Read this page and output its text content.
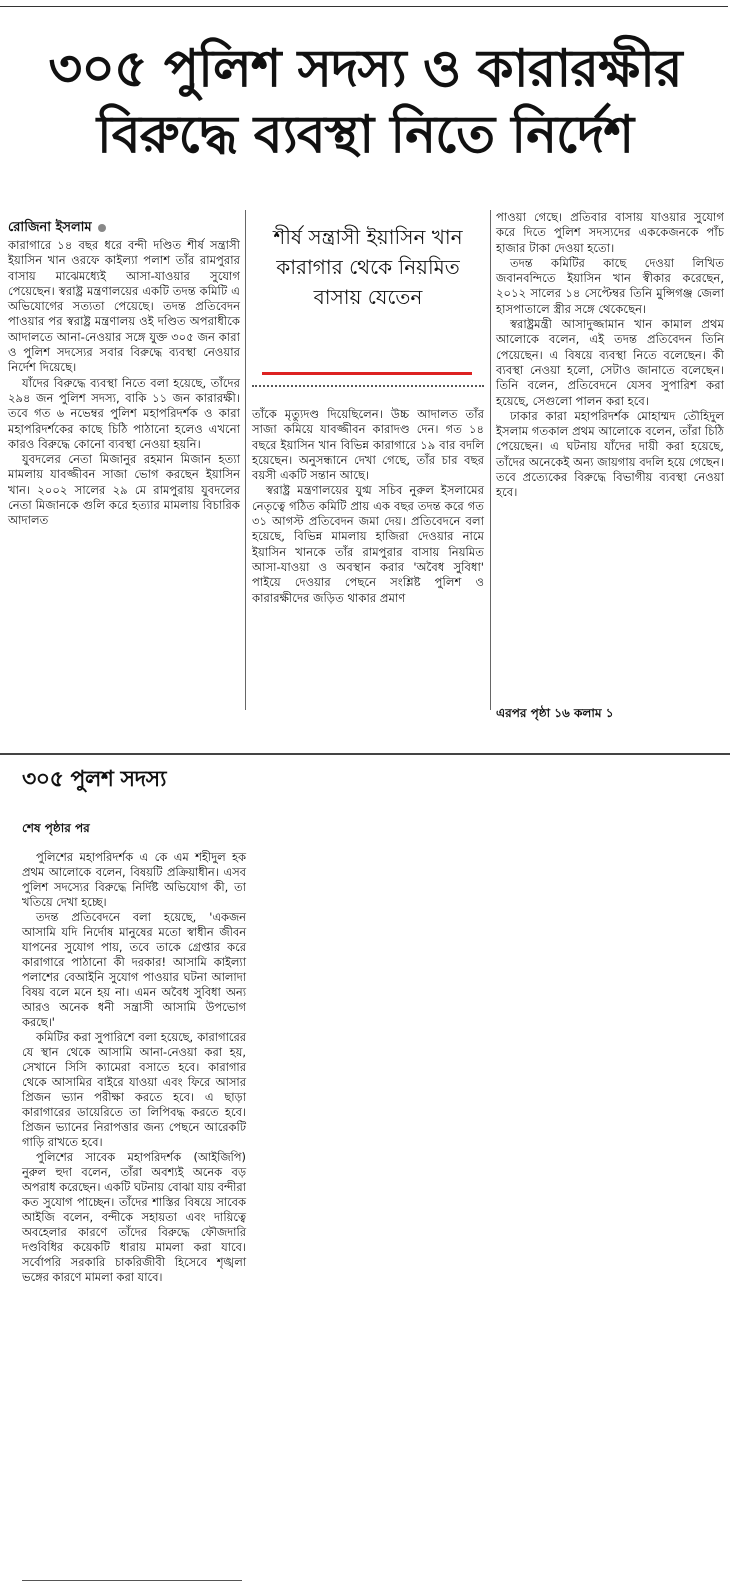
৩০৫ পুলিশ সদস্য ও কারারক্ষীর
বিরুদ্ধে ব্যবস্থা নিতে নির্দেশ
রোজিনা ইসলাম

কারাগারে ১৪ বছর ধরে বন্দী দণ্ডিত শীর্ষ সন্ত্রাসী ইয়াসিন খান ওরফে কাইল্যা পলাশ তাঁর রামপুরার বাসায় মাঝেমধ্যেই আসা-যাওয়ার সুযোগ পেয়েছেন। স্বরাষ্ট্র মন্ত্রণালয়ের একটি তদন্ত কমিটি এ অভিযোগের সত্যতা পেয়েছে। তদন্ত প্রতিবেদন পাওয়ার পর স্বরাষ্ট্র মন্ত্রণালয় ওই দণ্ডিত অপরাধীকে আদালতে আনা-নেওয়ার সঙ্গে যুক্ত ৩০৫ জন কারা ও পুলিশ সদস্যের সবার বিরুদ্ধে ব্যবস্থা নেওয়ার নির্দেশ দিয়েছে।

যাঁদের বিরুদ্ধে ব্যবস্থা নিতে বলা হয়েছে, তাঁদের ২৯৪ জন পুলিশ সদস্য, বাকি ১১ জন কারারক্ষী। তবে গত ৬ নভেম্বর পুলিশ মহাপরিদর্শক ও কারা মহাপরিদর্শকের কাছে চিঠি পাঠানো হলেও এখনো কারও বিরুদ্ধে কোনো ব্যবস্থা নেওয়া হয়নি।

যুবদলের নেতা মিজানুর রহমান মিজান হত্যা মামলায় যাবজ্জীবন সাজা ভোগ করছেন ইয়াসিন খান। ২০০২ সালের ২৯ মে রামপুরায় যুবদলের নেতা মিজানকে গুলি করে হত্যার মামলায় বিচারিক আদালত

শীর্ষ সন্ত্রাসী ইয়াসিন খান কারাগার থেকে নিয়মিত বাসায় যেতেন

তাঁকে মৃত্যুদণ্ড দিয়েছিলেন। উচ্চ আদালত তাঁর সাজা কমিয়ে যাবজ্জীবন কারাদণ্ড দেন। গত ১৪ বছরে ইয়াসিন খান বিভিন্ন কারাগারে ১৯ বার বদলি হয়েছেন। অনুসন্ধানে দেখা গেছে, তাঁর চার বছর বয়সী একটি সন্তান আছে।

স্বরাষ্ট্র মন্ত্রণালয়ের যুগ্ম সচিব নুরুল ইসলামের নেতৃত্বে গঠিত কমিটি প্রায় এক বছর তদন্ত করে গত ৩১ আগস্ট প্রতিবেদন জমা দেয়। প্রতিবেদনে বলা হয়েছে, বিভিন্ন মামলায় হাজিরা দেওয়ার নামে ইয়াসিন খানকে তাঁর রামপুরার বাসায় নিয়মিত আসা-যাওয়া ও অবস্থান করার 'অবৈধ সুবিধা' পাইয়ে দেওয়ার পেছনে সংশ্লিষ্ট পুলিশ ও কারারক্ষীদের জড়িত থাকার প্রমাণ

পাওয়া গেছে। প্রতিবার বাসায় যাওয়ার সুযোগ করে দিতে পুলিশ সদস্যদের এককেজনকে পাঁচ হাজার টাকা দেওয়া হতো।

তদন্ত কমিটির কাছে দেওয়া লিখিত জবানবন্দিতে ইয়াসিন খান স্বীকার করেছেন, ২০১২ সালের ১৪ সেপ্টেম্বর তিনি মুন্সিগঞ্জ জেলা হাসপাতালে স্ত্রীর সঙ্গে থেকেছেন।

স্বরাষ্ট্রমন্ত্রী আসাদুজ্জামান খান কামাল প্রথম আলোকে বলেন, এই তদন্ত প্রতিবেদন তিনি পেয়েছেন। এ বিষয়ে ব্যবস্থা নিতে বলেছেন। কী ব্যবস্থা নেওয়া হলো, সেটাও জানাতে বলেছেন। তিনি বলেন, প্রতিবেদনে যেসব সুপারিশ করা হয়েছে, সেগুলো পালন করা হবে।

ঢাকার কারা মহাপরিদর্শক মোহাম্মদ তৌহিদুল ইসলাম গতকাল প্রথম আলোকে বলেন, তাঁরা চিঠি পেয়েছেন। এ ঘটনায় যাঁদের দায়ী করা হয়েছে, তাঁদের অনেকেই অন্য জায়গায় বদলি হয়ে গেছেন। তবে প্রত্যেকের বিরুদ্ধে বিভাগীয় ব্যবস্থা নেওয়া হবে।

এরপর পৃষ্ঠা ১৬ কলাম ১
৩০৫ পুলশ সদস্য
শেষ পৃষ্ঠার পর

পুলিশের মহাপরিদর্শক এ কে এম শহীদুল হক প্রথম আলোকে বলেন, বিষয়টি প্রক্রিয়াধীন। এসব পুলিশ সদস্যের বিরুদ্ধে নির্দিষ্ট অভিযোগ কী, তা খতিয়ে দেখা হচ্ছে।

তদন্ত প্রতিবেদনে বলা হয়েছে, 'একজন আসামি যদি নির্দোষ মানুষের মতো স্বাধীন জীবন যাপনের সুযোগ পায়, তবে তাকে গ্রেপ্তার করে কারাগারে পাঠানো কী দরকার! আসামি কাইল্যা পলাশের বেআইনি সুযোগ পাওয়ার ঘটনা আলাদা বিষয় বলে মনে হয় না। এমন অবৈধ সুবিধা অন্য আরও অনেক ধনী সন্ত্রাসী আসামি উপভোগ করছে।'

কমিটির করা সুপারিশে বলা হয়েছে, কারাগারের যে স্থান থেকে আসামি আনা-নেওয়া করা হয়, সেখানে সিসি ক্যামেরা বসাতে হবে। কারাগার থেকে আসামির বাইরে যাওয়া এবং ফিরে আসার প্রিজন ভ্যান পরীক্ষা করতে হবে। এ ছাড়া কারাগারের ডায়েরিতে তা লিপিবদ্ধ করতে হবে। প্রিজন ভ্যানের নিরাপত্তার জন্য পেছনে আরেকটি গাড়ি রাখতে হবে।

পুলিশের সাবেক মহাপরিদর্শক (আইজিপি) নুরুল হুদা বলেন, তাঁরা অবশ্যই অনেক বড় অপরাধ করেছেন। একটি ঘটনায় বোঝা যায় বন্দীরা কত সুযোগ পাচ্ছেন। তাঁদের শাস্তির বিষয়ে সাবেক আইজি বলেন, বন্দীকে সহায়তা এবং দায়িত্বে অবহেলার কারণে তাঁদের বিরুদ্ধে ফৌজদারি দণ্ডবিধির কয়েকটি ধারায় মামলা করা যাবে। সর্বোপরি সরকারি চাকরিজীবী হিসেবে শৃঙ্খলা ভঙ্গের কারণে মামলা করা যাবে।
